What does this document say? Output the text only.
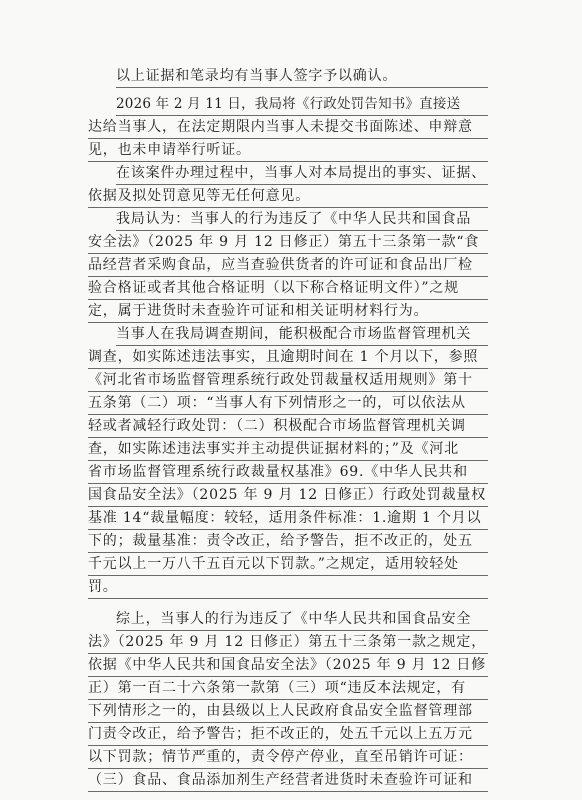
以上证据和笔录均有当事人签字予以确认。
2026 年 2 月 11 日，我局将《行政处罚告知书》直接送
达给当事人，在法定期限内当事人未提交书面陈述、申辩意
见，也未申请举行听证。
在该案件办理过程中，当事人对本局提出的事实、证据、
依据及拟处罚意见等无任何意见。
我局认为：当事人的行为违反了《中华人民共和国食品
安全法》（2025 年 9 月 12 日修正）第五十三条第一款“食
品经营者采购食品，应当查验供货者的许可证和食品出厂检
验合格证或者其他合格证明（以下称合格证明文件）”之规
定，属于进货时未查验许可证和相关证明材料行为。
当事人在我局调查期间，能积极配合市场监督管理机关
调查，如实陈述违法事实，且逾期时间在 1 个月以下，参照
《河北省市场监督管理系统行政处罚裁量权适用规则》第十
五条第（二）项：“当事人有下列情形之一的，可以依法从
轻或者减轻行政处罚：（二）积极配合市场监督管理机关调
查，如实陈述违法事实并主动提供证据材料的；”及《河北
省市场监督管理系统行政裁量权基准》69.《中华人民共和
国食品安全法》（2025 年 9 月 12 日修正）行政处罚裁量权
基准 14“裁量幅度：较轻，适用条件标准：1.逾期 1 个月以
下的；裁量基准：责令改正，给予警告，拒不改正的，处五
千元以上一万八千五百元以下罚款。”之规定，适用较轻处
罚。
综上，当事人的行为违反了《中华人民共和国食品安全
法》（2025 年 9 月 12 日修正）第五十三条第一款之规定，
依据《中华人民共和国食品安全法》（2025 年 9 月 12 日修
正）第一百二十六条第一款第（三）项“违反本法规定，有
下列情形之一的，由县级以上人民政府食品安全监督管理部
门责令改正，给予警告；拒不改正的，处五千元以上五万元
以下罚款；情节严重的，责令停产停业，直至吊销许可证：
（三）食品、食品添加剂生产经营者进货时未查验许可证和
